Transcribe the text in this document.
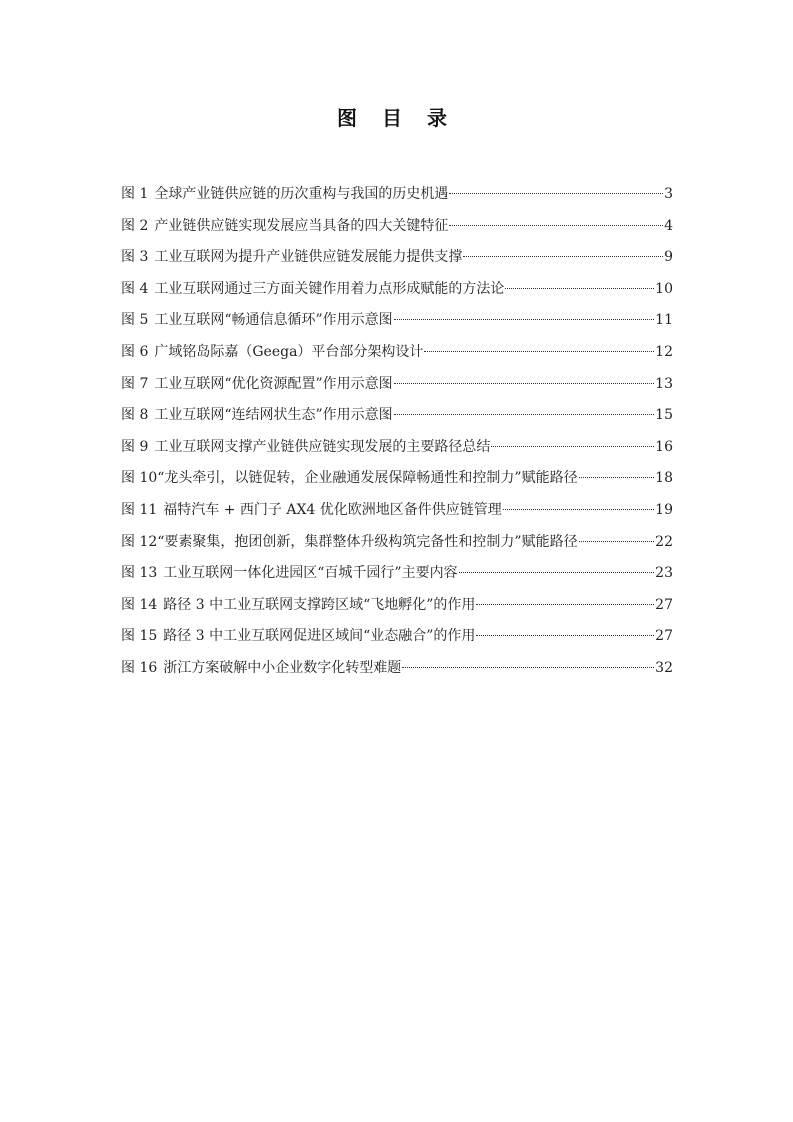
图 目 录
图 1 全球产业链供应链的历次重构与我国的历史机遇	3
图 2 产业链供应链实现发展应当具备的四大关键特征	4
图 3 工业互联网为提升产业链供应链发展能力提供支撑	9
图 4 工业互联网通过三方面关键作用着力点形成赋能的方法论	10
图 5 工业互联网“畅通信息循环”作用示意图	11
图 6 广域铭岛际嘉（Geega）平台部分架构设计	12
图 7 工业互联网“优化资源配置”作用示意图	13
图 8 工业互联网“连结网状生态”作用示意图	15
图 9 工业互联网支撑产业链供应链实现发展的主要路径总结	16
图 10“龙头牵引，以链促转，企业融通发展保障畅通性和控制力”赋能路径	18
图 11 福特汽车 + 西门子 AX4 优化欧洲地区备件供应链管理	19
图 12“要素聚集，抱团创新，集群整体升级构筑完备性和控制力”赋能路径	22
图 13 工业互联网一体化进园区“百城千园行”主要内容	23
图 14 路径 3 中工业互联网支撑跨区域“飞地孵化”的作用	27
图 15 路径 3 中工业互联网促进区域间“业态融合”的作用	27
图 16 浙江方案破解中小企业数字化转型难题	32
